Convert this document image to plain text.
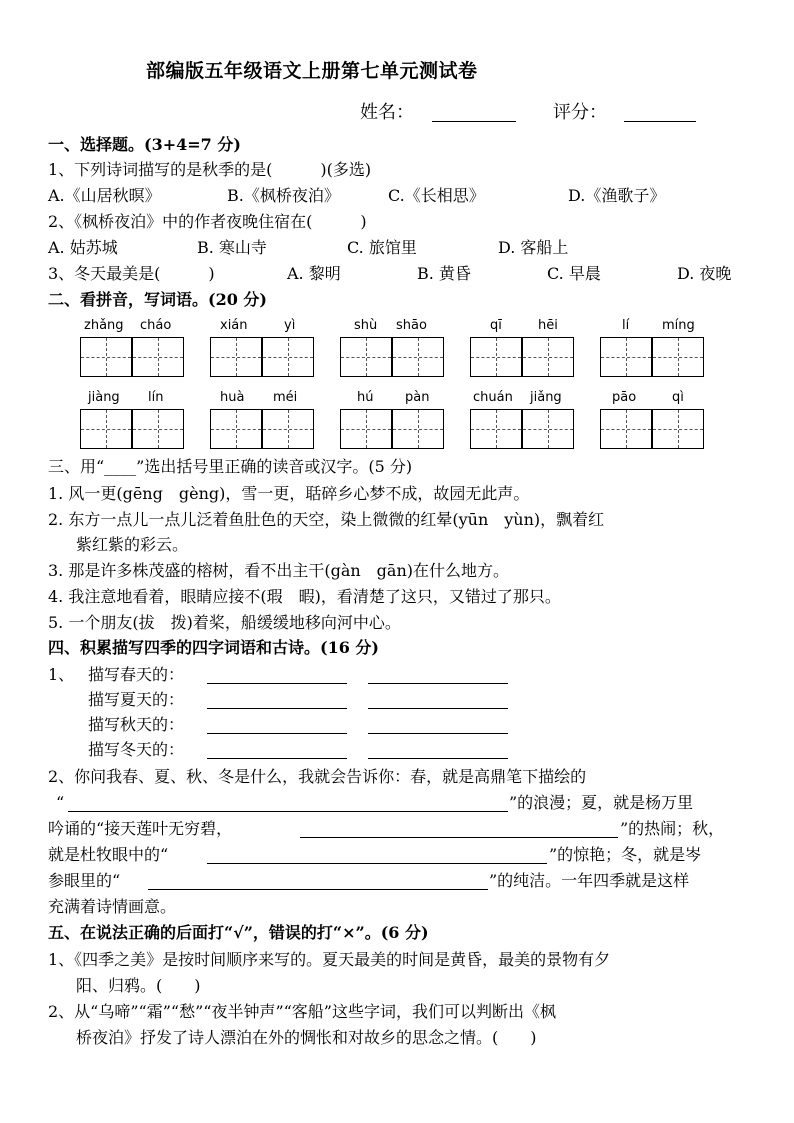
部编版五年级语文上册第七单元测试卷
姓名：	评分：
一、选择题。(3+4=7 分)
1、下列诗词描写的是秋季的是(　　　)(多选)
A.《山居秋暝》	B.《枫桥夜泊》	C.《长相思》	D.《渔歌子》
2、《枫桥夜泊》中的作者夜晚住宿在(　　　)
A. 姑苏城	B. 寒山寺	C. 旅馆里	D. 客船上
3、冬天最美是(　　　)	A. 黎明	B. 黄昏	C. 早晨	D. 夜晚
二、看拼音，写词语。(20 分)
zhǎng cháo	xián	yì	shù shāo	qī	hēi	lí	míng
jiàng lín	huà méi	hú pàn	chuán jiǎng	pāo	qì
三、用“____”选出括号里正确的读音或汉字。(5 分)
1. 风一更(gēng　gèng)，雪一更，聒碎乡心梦不成，故园无此声。
2. 东方一点儿一点儿泛着鱼肚色的天空，染上微微的红晕(yūn　yùn)，飘着红
紫红紫的彩云。
3. 那是许多株茂盛的榕树，看不出主干(gàn　gān)在什么地方。
4. 我注意地看着，眼睛应接不(瑕　暇)，看清楚了这只，又错过了那只。
5. 一个朋友(拔　拨)着桨，船缓缓地移向河中心。
四、积累描写四季的四字词语和古诗。(16 分)
1、 描写春天的：
描写夏天的：
描写秋天的：
描写冬天的：
2、你问我春、夏、秋、冬是什么，我就会告诉你：春，就是高鼎笔下描绘的
“	”的浪漫；夏，就是杨万里
吟诵的“接天莲叶无穷碧，	”的热闹；秋，
就是杜牧眼中的“	”的惊艳；冬，就是岑
参眼里的“	”的纯洁。一年四季就是这样
充满着诗情画意。
五、在说法正确的后面打“√”，错误的打“×”。(6 分)
1、《四季之美》是按时间顺序来写的。夏天最美的时间是黄昏，最美的景物有夕
阳、归鸦。(　　)
2、从“乌啼”“霜”“愁”“夜半钟声”“客船”这些字词，我们可以判断出《枫
桥夜泊》抒发了诗人漂泊在外的惆怅和对故乡的思念之情。(　　)
